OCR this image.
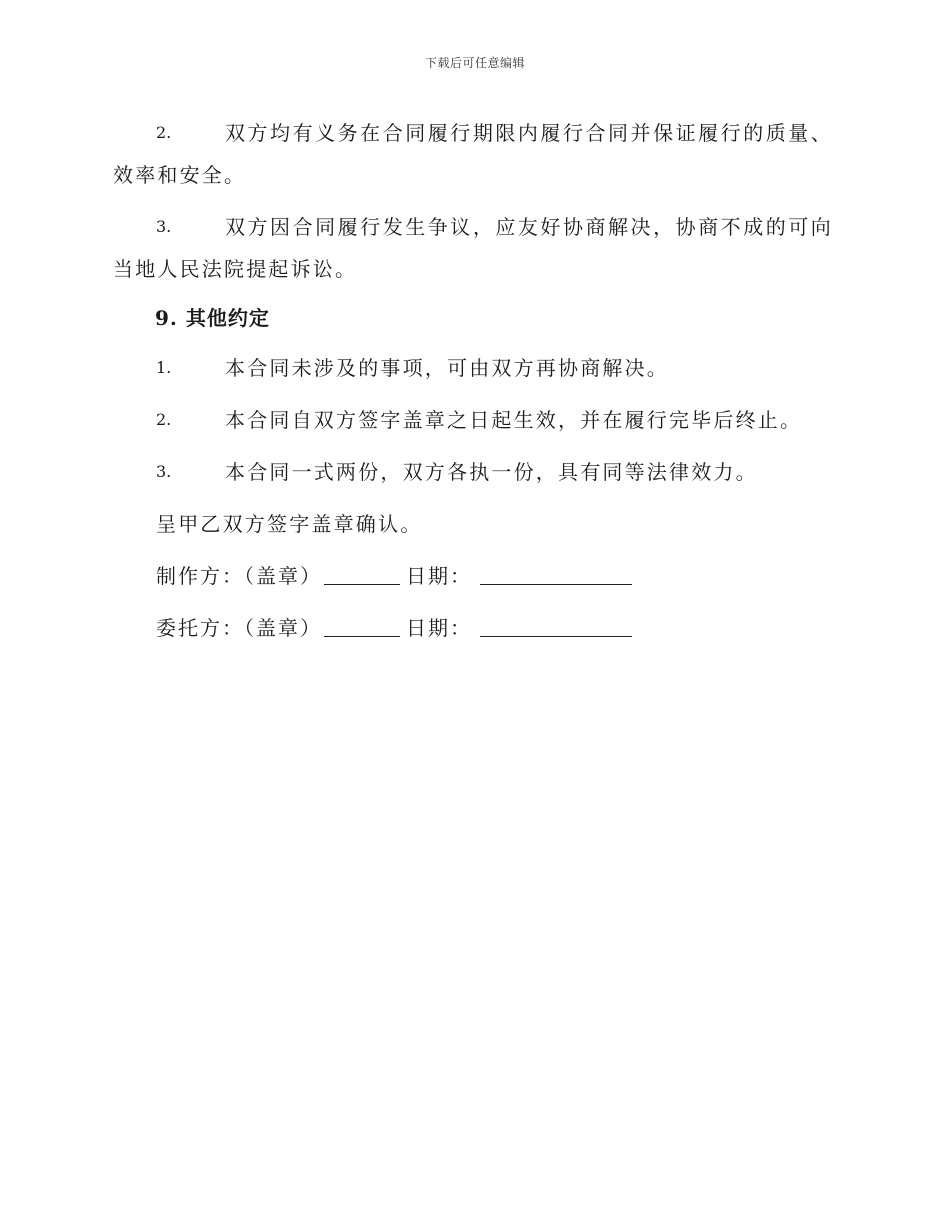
下载后可任意编辑
2.	双方均有义务在合同履行期限内履行合同并保证履行的质量、效率和安全。
3.	双方因合同履行发生争议，应友好协商解决，协商不成的可向当地人民法院提起诉讼。
9. 其他约定
1.	本合同未涉及的事项，可由双方再协商解决。
2.	本合同自双方签字盖章之日起生效，并在履行完毕后终止。
3.	本合同一式两份，双方各执一份，具有同等法律效力。
呈甲乙双方签字盖章确认。
制作方：（盖章）	日期：
委托方：（盖章）	日期：
